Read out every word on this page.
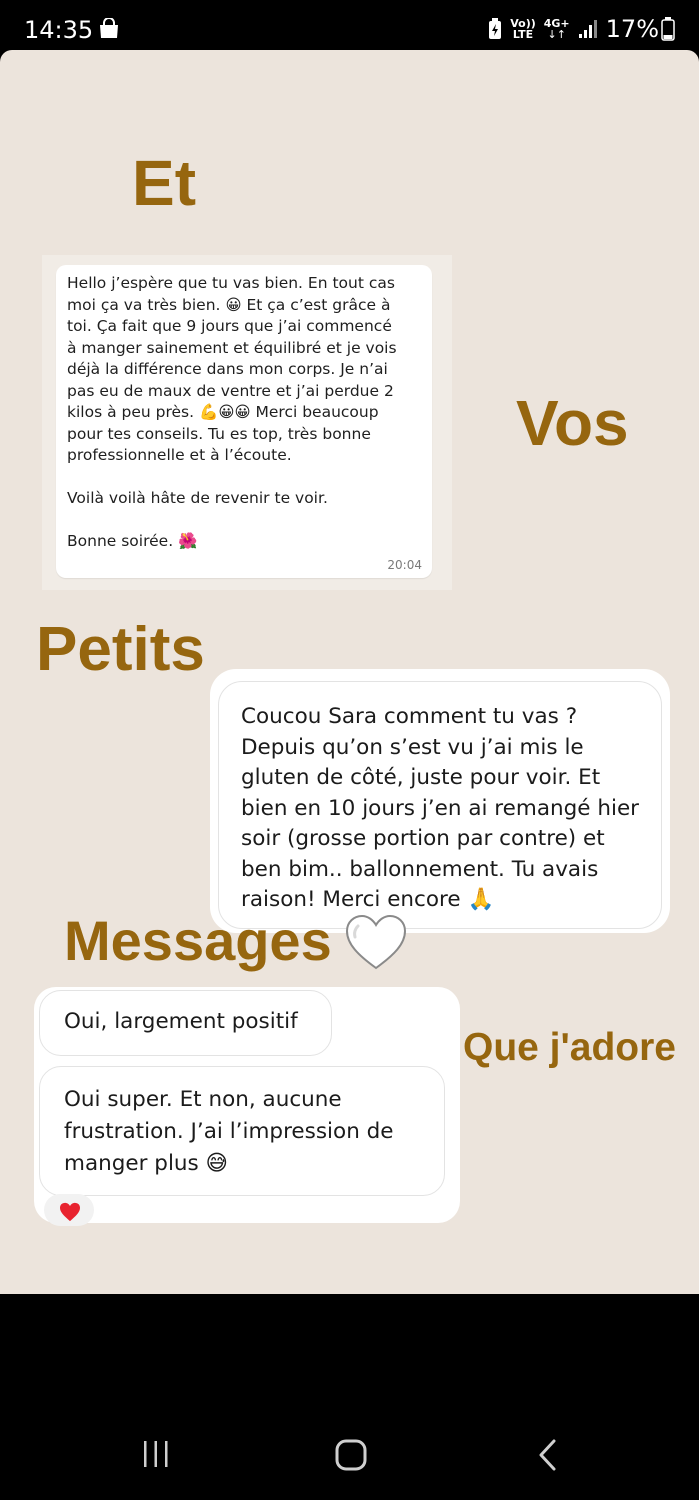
14:35	Vo))
LTE
4G+
↓↑ 17%
Et
Hello j’espère que tu vas bien. En tout cas
moi ça va très bien. 😀 Et ça c’est grâce à
toi. Ça fait que 9 jours que j’ai commencé
à manger sainement et équilibré et je vois
déjà la différence dans mon corps. Je n’ai
pas eu de maux de ventre et j’ai perdue 2
kilos à peu près. 💪😀😀 Merci beaucoup
pour tes conseils. Tu es top, très bonne
professionnelle et à l’écoute.

Voilà voilà hâte de revenir te voir.

Bonne soirée. 🌺
20:04
Vos
Petits
Coucou Sara comment tu vas ?
Depuis qu’on s’est vu j’ai mis le
gluten de côté, juste pour voir. Et
bien en 10 jours j’en ai remangé hier
soir (grosse portion par contre) et
ben bim.. ballonnement. Tu avais
raison! Merci encore 🙏
Messages
Oui, largement positif
Oui super. Et non, aucune
frustration. J’ai l’impression de
manger plus 😅
Que j'adore
